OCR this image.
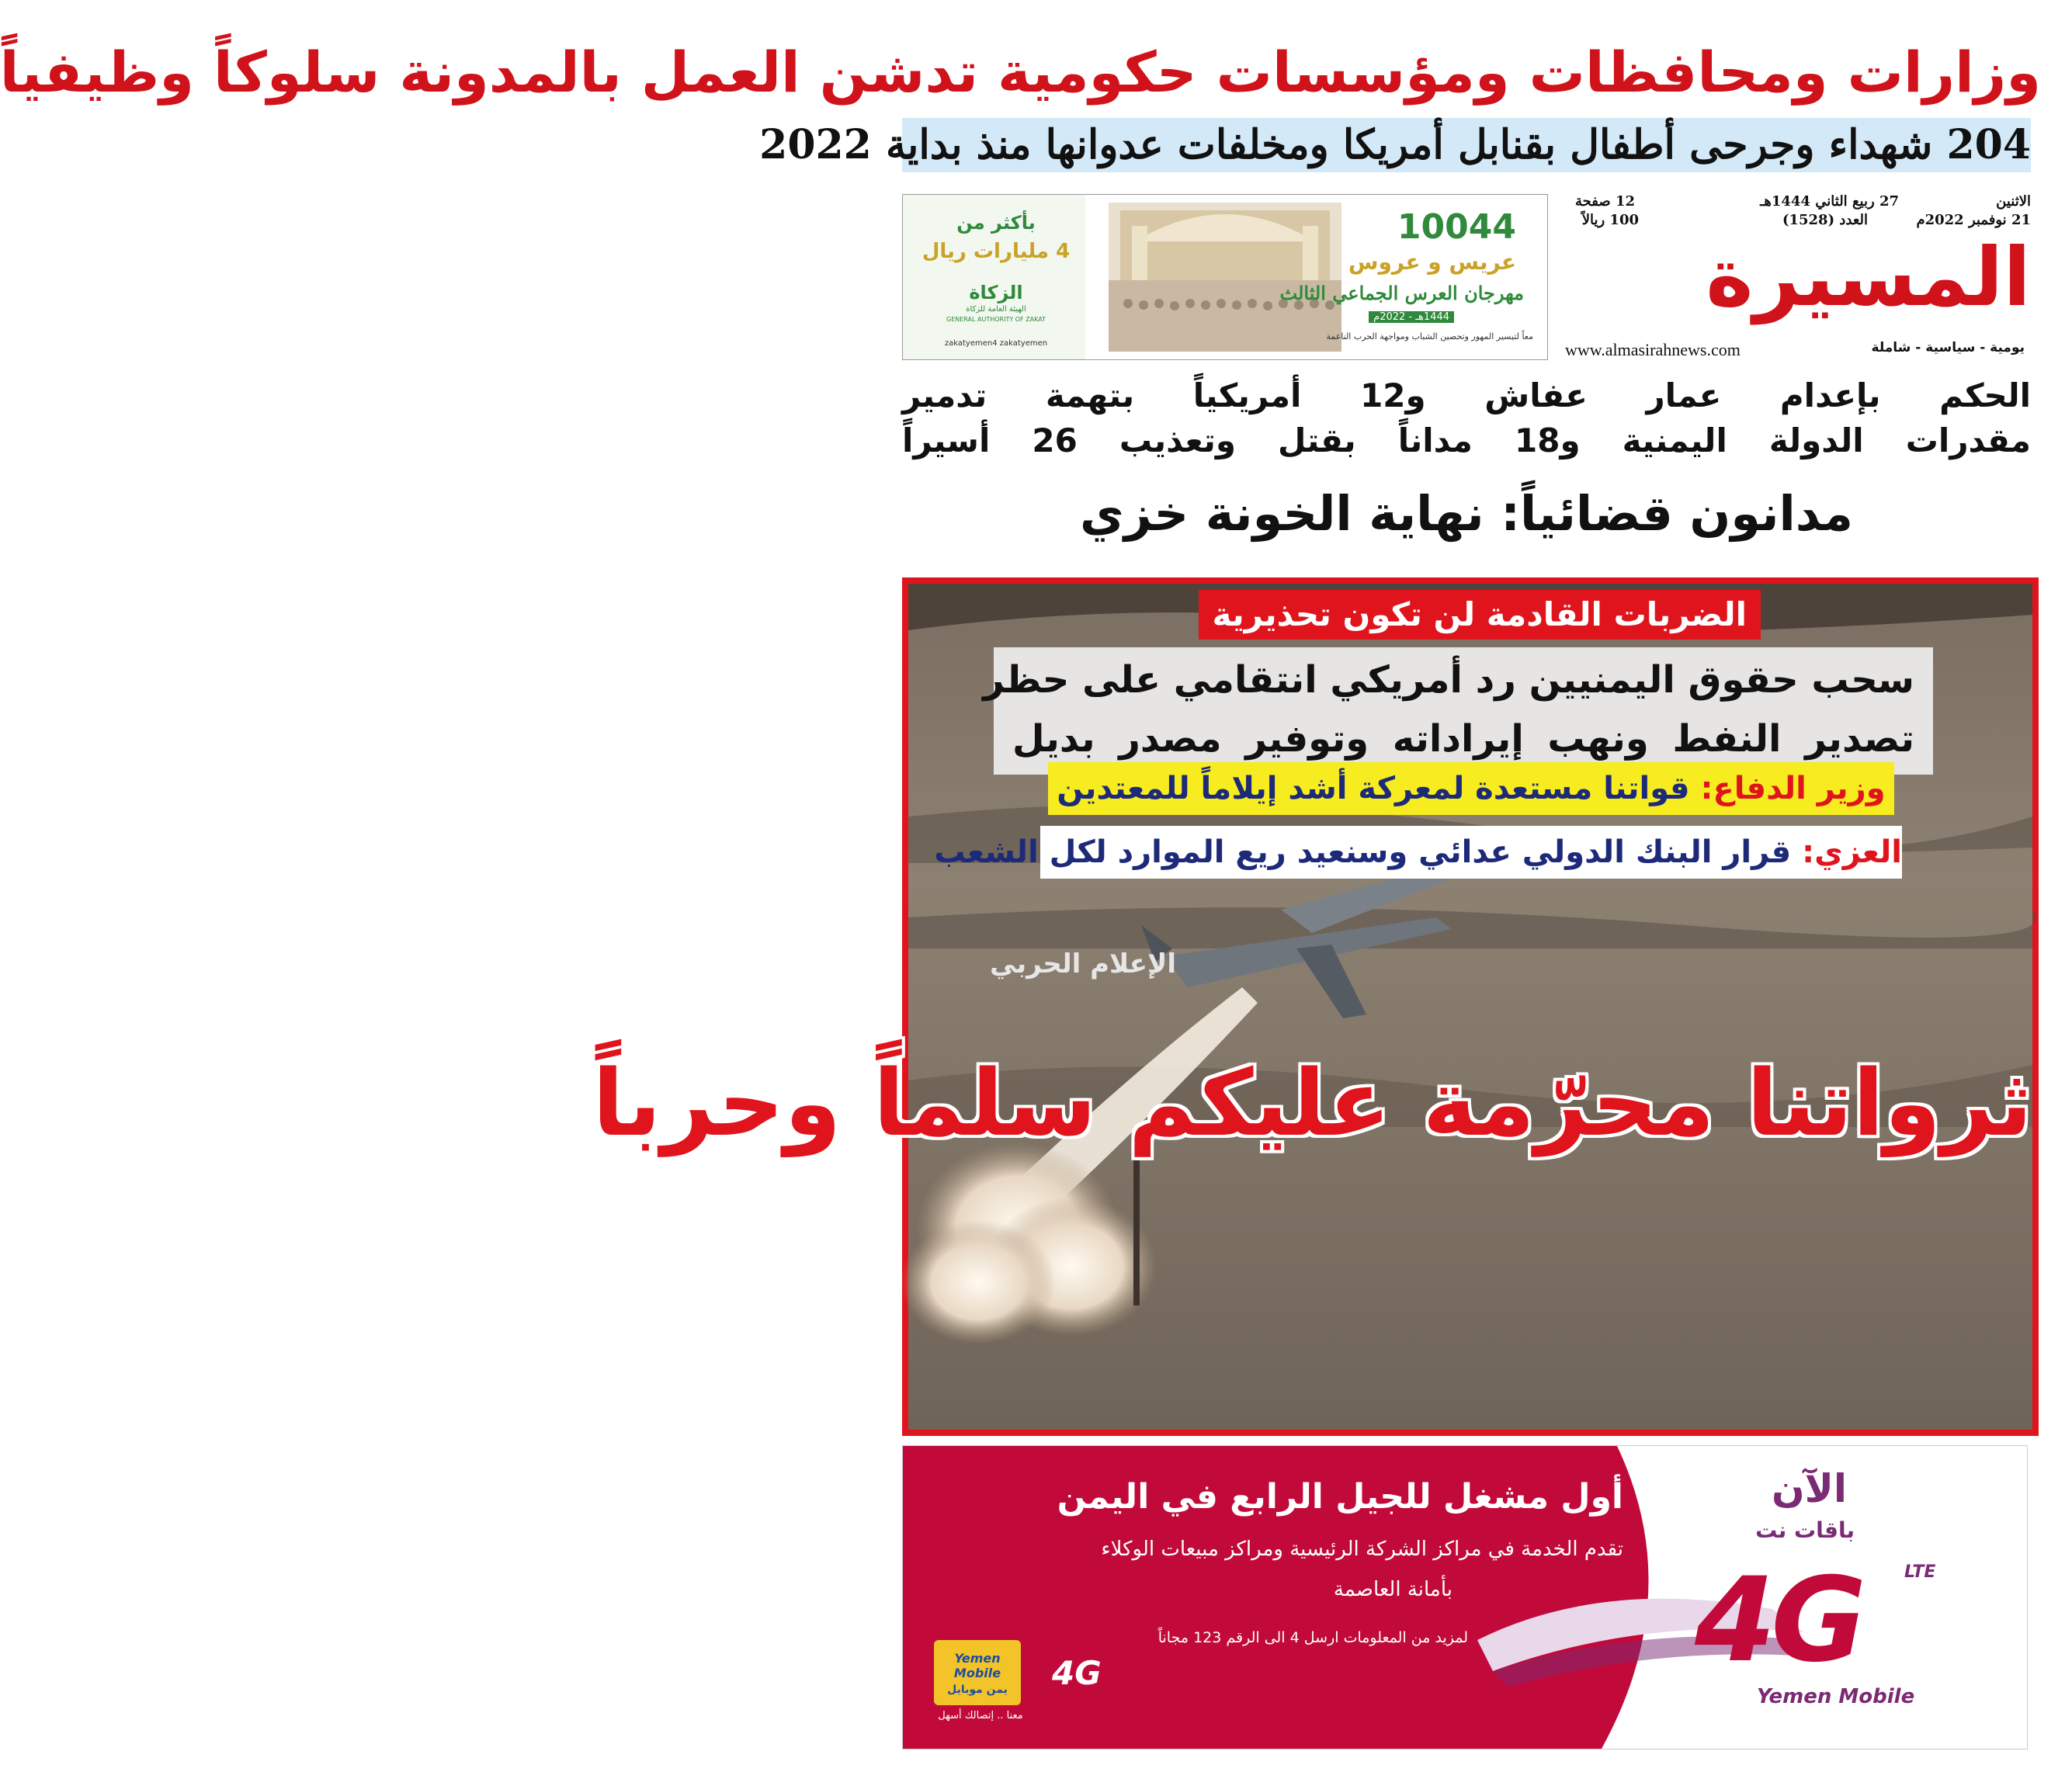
وزارات ومحافظات ومؤسسات حكومية تدشن العمل بالمدونة سلوكاً وظيفياً
204 شهداء وجرحى أطفال بقنابل أمريكا ومخلفات عدوانها منذ بداية 2022
10044
عريس و عروس
مهرجان العرس الجماعي الثالث
1444هـ - 2022م
معاً لتيسير المهور وتحصين الشباب ومواجهة الحرب الناعمة
بأكثر من
4 مليارات ريال
الزكاة
الهيئة العامة للزكاة
GENERAL AUTHORITY OF ZAKAT
zakatyemen4 zakatyemen
الاثنين
21 نوفمبر 2022م
27 ربيع الثاني 1444هـ
العدد (1528)
12 صفحة
100 ريالاً
المسيرة
www.almasirahnews.com	يومية - سياسية - شاملة
الحكم بإعدام عمار عفاش و12 أمريكياً بتهمة تدمير
مقدرات الدولة اليمنية و18 مداناً بقتل وتعذيب 26 أسيراً
مدانون قضائياً: نهاية الخونة خزي
الضربات القادمة لن تكون تحذيرية
سحب حقوق اليمنيين رد أمريكي انتقامي على حظر
تصدير النفط ونهب إيراداته وتوفير مصدر بديل
وزير الدفاع: قواتنا مستعدة لمعركة أشد إيلاماً للمعتدين
العزي: قرار البنك الدولي عدائي وسنعيد ريع الموارد لكل الشعب
الإعلام الحربي
ثرواتنا محرّمة عليكم سلماً وحرباً
أول مشغل للجيل الرابع في اليمن
تقدم الخدمة في مراكز الشركة الرئيسية ومراكز مبيعات الوكلاء
بأمانة العاصمة
لمزيد من المعلومات ارسل 4 الى الرقم 123 مجاناً
الآن
باقات نت
4G LTE
Yemen Mobile
Yemen Mobile
يمن موبايل
معنا .. إتصالك أسهل
4G
